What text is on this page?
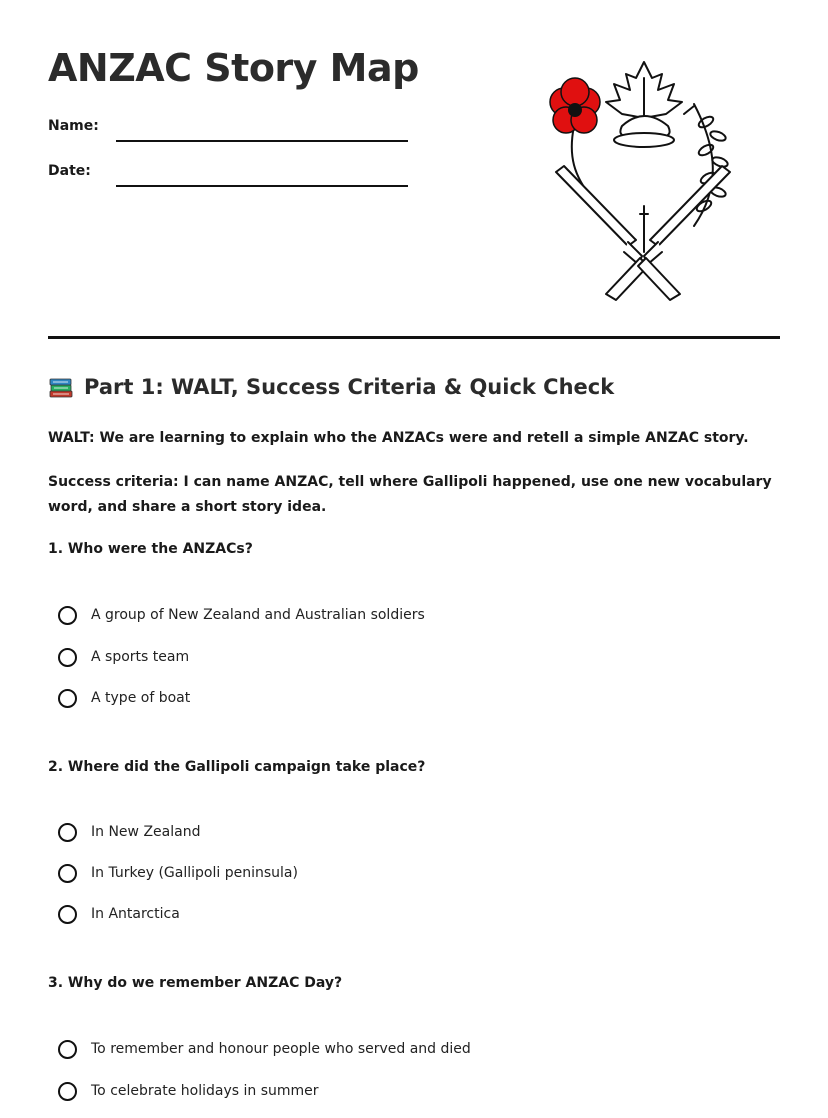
ANZAC Story Map
Name:
Date:
Part 1: WALT, Success Criteria & Quick Check

WALT: We are learning to explain who the ANZACs were and retell a simple ANZAC story.

Success criteria: I can name ANZAC, tell where Gallipoli happened, use one new vocabulary word, and share a short story idea.

1. Who were the ANZACs?

A group of New Zealand and Australian soldiers
A sports team
A type of boat

2. Where did the Gallipoli campaign take place?

In New Zealand
In Turkey (Gallipoli peninsula)
In Antarctica

3. Why do we remember ANZAC Day?

To remember and honour people who served and died
To celebrate holidays in summer
